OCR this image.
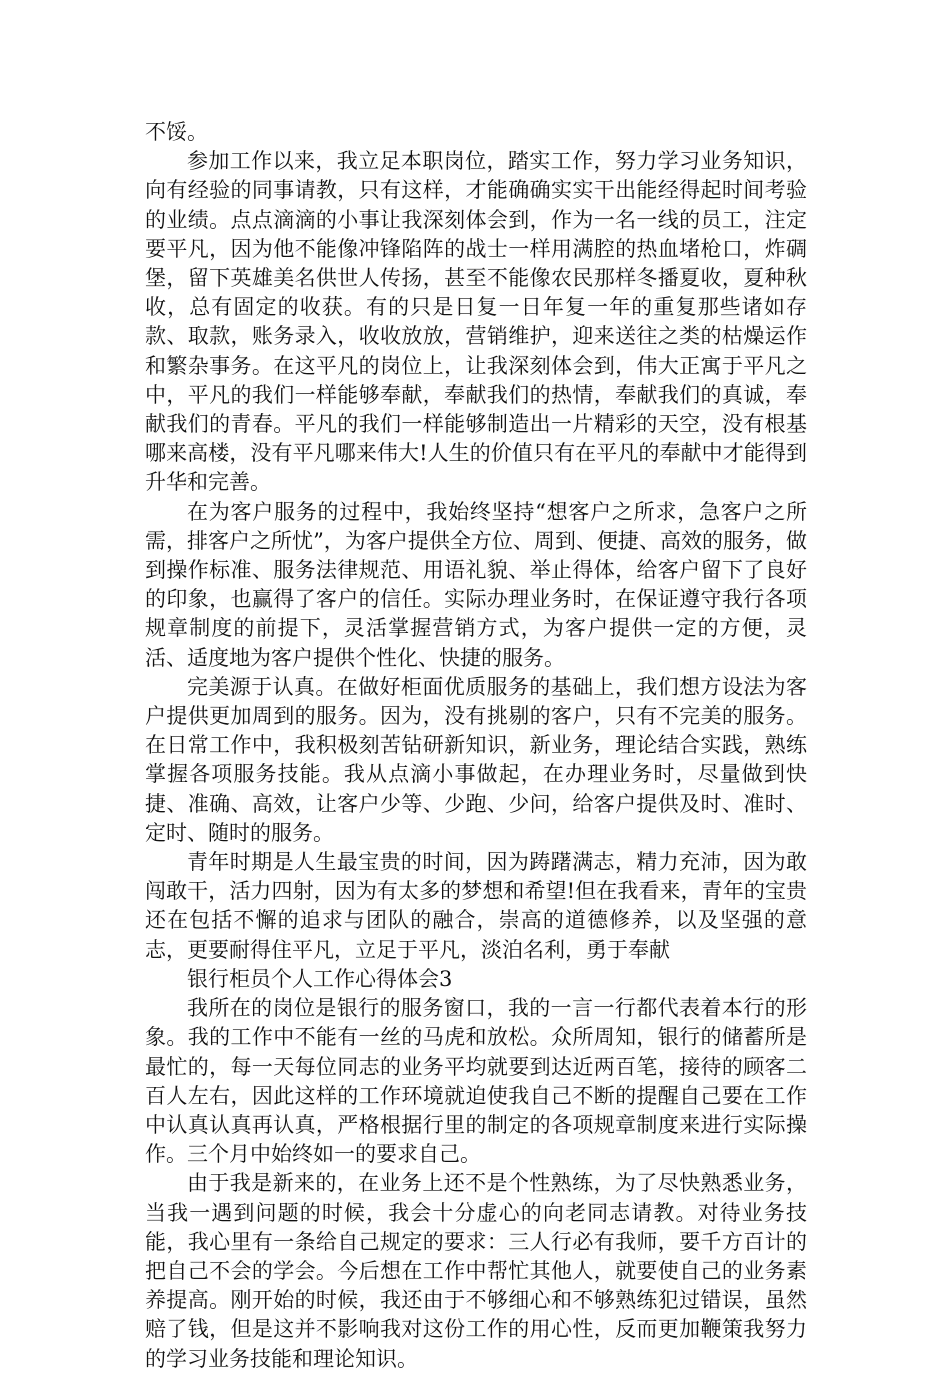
不馁。

参加工作以来，我立足本职岗位，踏实工作，努力学习业务知识，向有经验的同事请教，只有这样，才能确确实实干出能经得起时间考验的业绩。点点滴滴的小事让我深刻体会到，作为一名一线的员工，注定要平凡，因为他不能像冲锋陷阵的战士一样用满腔的热血堵枪口，炸碉堡，留下英雄美名供世人传扬，甚至不能像农民那样冬播夏收，夏种秋收，总有固定的收获。有的只是日复一日年复一年的重复那些诸如存款、取款，账务录入，收收放放，营销维护，迎来送往之类的枯燥运作和繁杂事务。在这平凡的岗位上，让我深刻体会到，伟大正寓于平凡之中，平凡的我们一样能够奉献，奉献我们的热情，奉献我们的真诚，奉献我们的青春。平凡的我们一样能够制造出一片精彩的天空，没有根基哪来高楼，没有平凡哪来伟大!人生的价值只有在平凡的奉献中才能得到升华和完善。

在为客户服务的过程中，我始终坚持“想客户之所求，急客户之所需，排客户之所忧”，为客户提供全方位、周到、便捷、高效的服务，做到操作标准、服务法律规范、用语礼貌、举止得体，给客户留下了良好的印象，也赢得了客户的信任。实际办理业务时，在保证遵守我行各项规章制度的前提下，灵活掌握营销方式，为客户提供一定的方便，灵活、适度地为客户提供个性化、快捷的服务。

完美源于认真。在做好柜面优质服务的基础上，我们想方设法为客户提供更加周到的服务。因为，没有挑剔的客户，只有不完美的服务。在日常工作中，我积极刻苦钻研新知识，新业务，理论结合实践，熟练掌握各项服务技能。我从点滴小事做起，在办理业务时，尽量做到快捷、准确、高效，让客户少等、少跑、少问，给客户提供及时、准时、定时、随时的服务。

青年时期是人生最宝贵的时间，因为踌躇满志，精力充沛，因为敢闯敢干，活力四射，因为有太多的梦想和希望!但在我看来，青年的宝贵还在包括不懈的追求与团队的融合，崇高的道德修养，以及坚强的意志，更要耐得住平凡，立足于平凡，淡泊名利，勇于奉献

银行柜员个人工作心得体会3

我所在的岗位是银行的服务窗口，我的一言一行都代表着本行的形象。我的工作中不能有一丝的马虎和放松。众所周知，银行的储蓄所是最忙的，每一天每位同志的业务平均就要到达近两百笔，接待的顾客二百人左右，因此这样的工作环境就迫使我自己不断的提醒自己要在工作中认真认真再认真，严格根据行里的制定的各项规章制度来进行实际操作。三个月中始终如一的要求自己。

由于我是新来的，在业务上还不是个性熟练，为了尽快熟悉业务，当我一遇到问题的时候，我会十分虚心的向老同志请教。对待业务技能，我心里有一条给自己规定的要求：三人行必有我师，要千方百计的把自己不会的学会。今后想在工作中帮忙其他人，就要使自己的业务素养提高。刚开始的时候，我还由于不够细心和不够熟练犯过错误，虽然赔了钱，但是这并不影响我对这份工作的用心性，反而更加鞭策我努力的学习业务技能和理论知识。
